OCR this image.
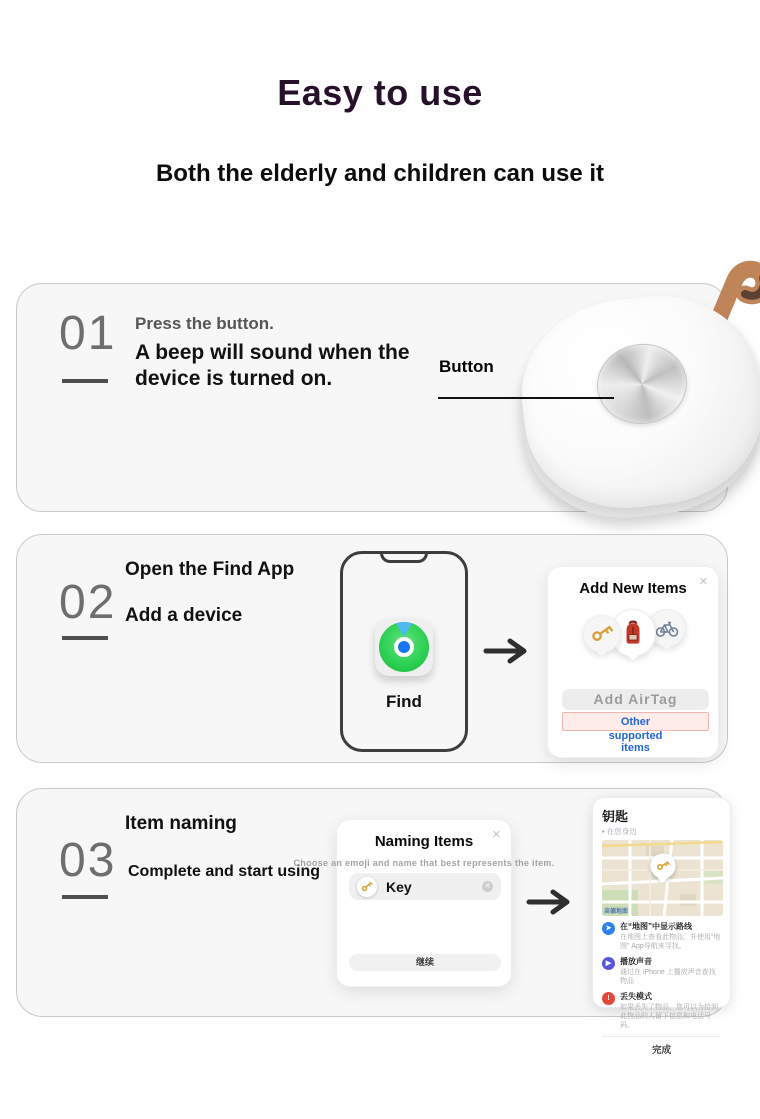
Easy to use
Both the elderly and children can use it
01 Press the button.
A beep will sound when the device is turned on.
Button
02
Open the Find App
Add a device
Find
Add New Items	✕
Add AirTag
Other
supported
items
03
Item naming
Complete and start using
Naming Items	✕
Choose an emoji and name that best represents the item.
Key	✕
继续
钥匙
• 在您身边
高德地图
➤	在“地图”中显示路线
在地图上查看此物品，并使用“地图” App导航来寻找。
▶	播放声音
通过在 iPhone 上播放声音查找物品
!	丢失模式
如果丢失了物品，您可以为拾到此物品的人留下信息和电话号码。
完成
